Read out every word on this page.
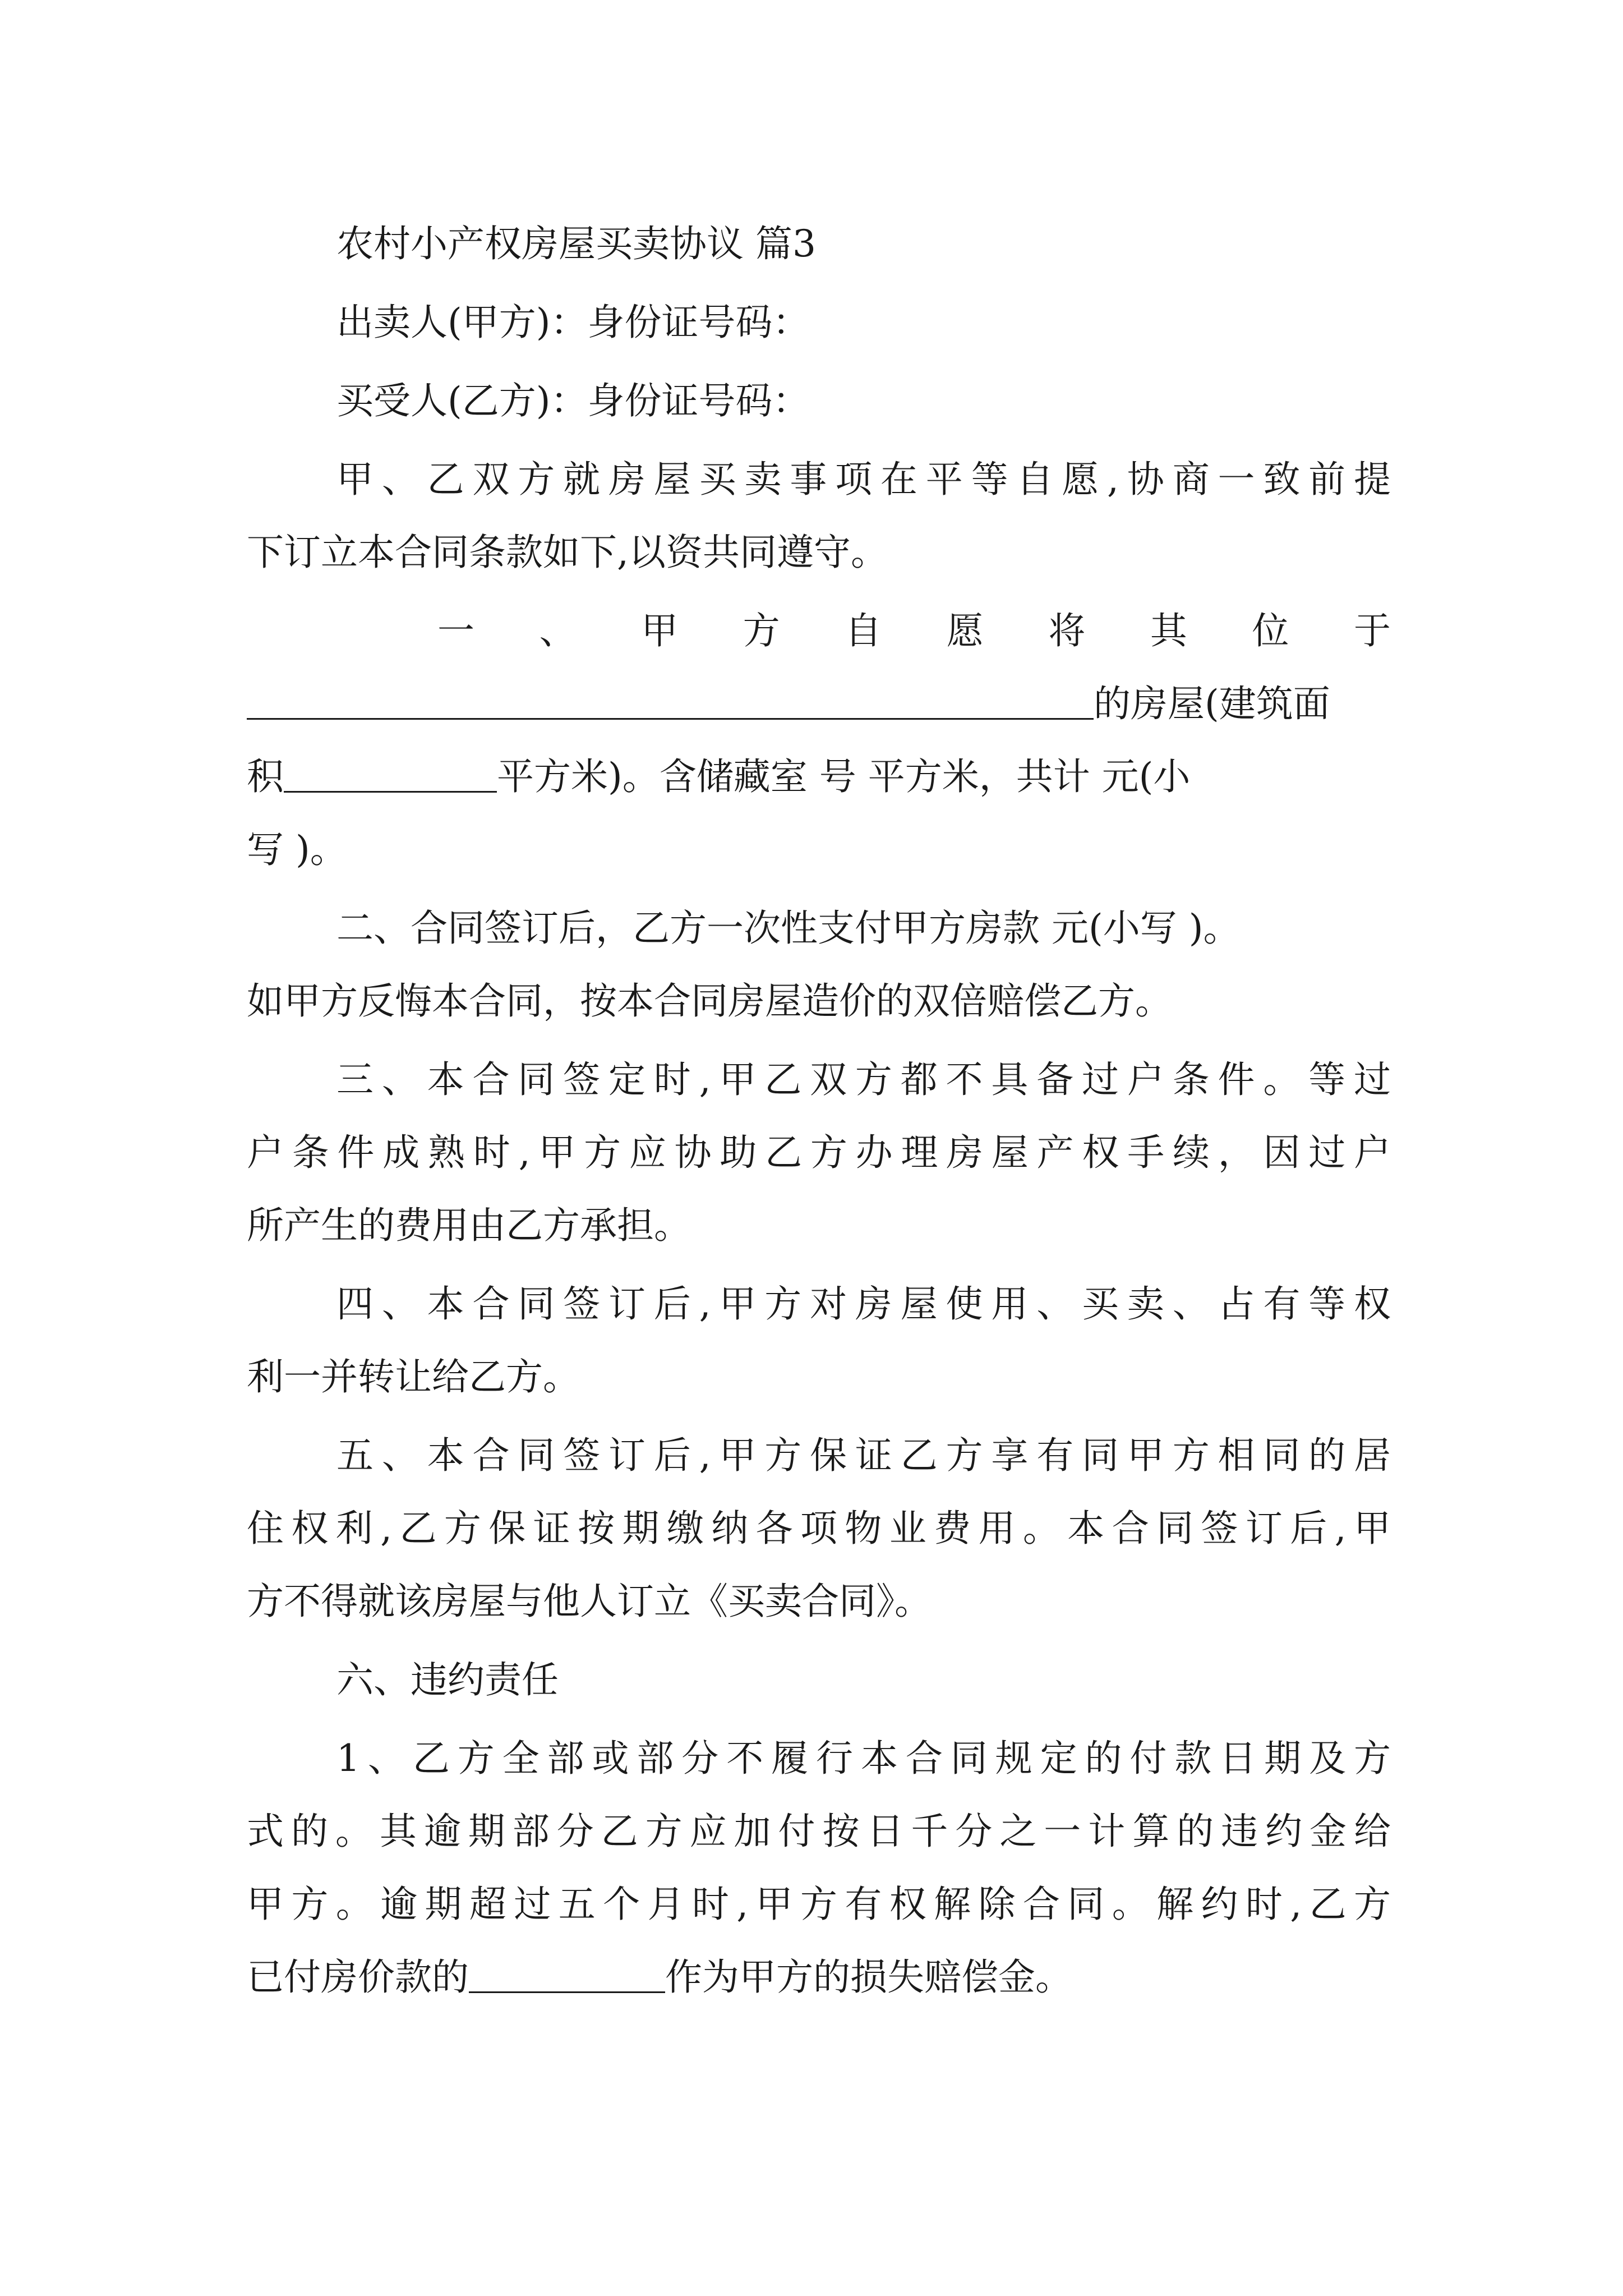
农村小产权房屋买卖协议 篇3
出卖人(甲方)：身份证号码：
买受人(乙方)：身份证号码：
甲、乙双方就房屋买卖事项在平等自愿,协商一致前提
下订立本合同条款如下,以资共同遵守。
一 、 甲 方 自 愿 将 其 位 于
的房屋(建筑面
积	平方米)。含储藏室 号 平方米，共计 元(小
写 )。
二、合同签订后，乙方一次性支付甲方房款 元(小写 )。
如甲方反悔本合同，按本合同房屋造价的双倍赔偿乙方。
三、本合同签定时,甲乙双方都不具备过户条件。等过
户条件成熟时,甲方应协助乙方办理房屋产权手续，因过户
所产生的费用由乙方承担。
四、本合同签订后,甲方对房屋使用、买卖、占有等权
利一并转让给乙方。
五、本合同签订后,甲方保证乙方享有同甲方相同的居
住权利,乙方保证按期缴纳各项物业费用。本合同签订后,甲
方不得就该房屋与他人订立《买卖合同》。
六、违约责任
1、乙方全部或部分不履行本合同规定的付款日期及方
式的。其逾期部分乙方应加付按日千分之一计算的违约金给
甲方。逾期超过五个月时,甲方有权解除合同。解约时,乙方
已付房价款的	作为甲方的损失赔偿金。
